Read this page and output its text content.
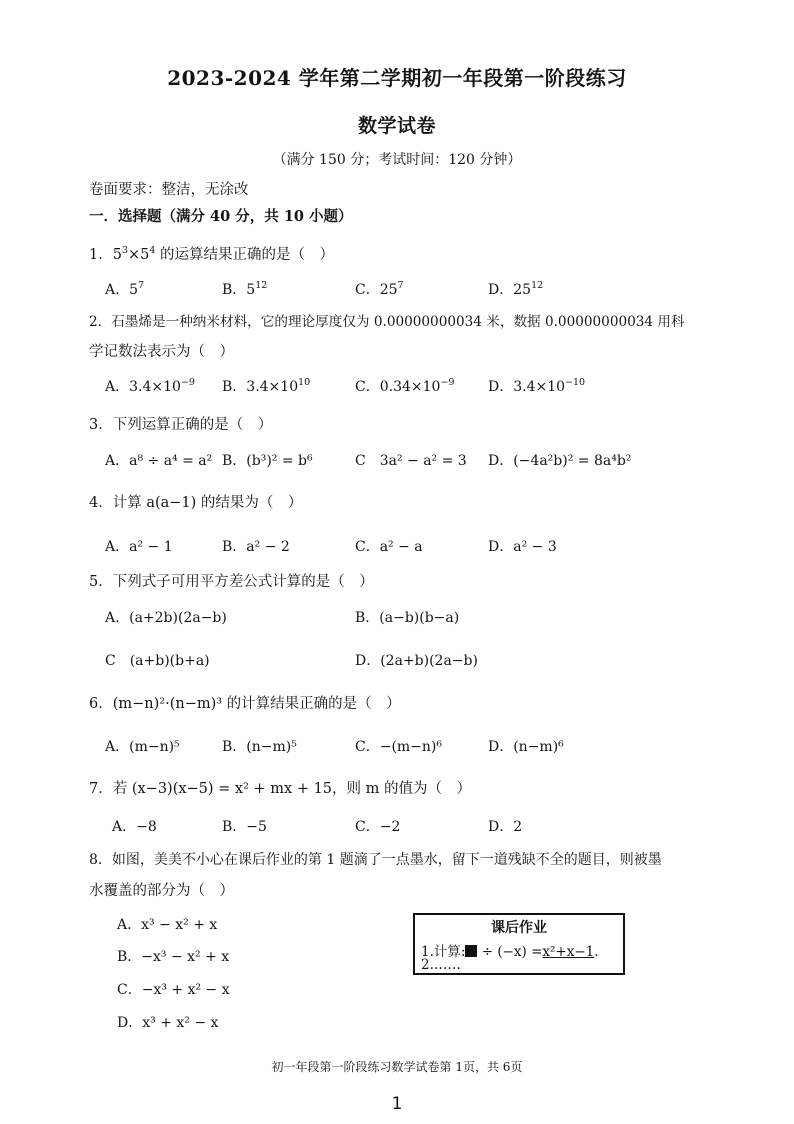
2023-2024 学年第二学期初一年段第一阶段练习
数学试卷
（满分 150 分；考试时间：120 分钟）
卷面要求：整洁，无涂改
一．选择题（满分 40 分，共 10 小题）
1．$5^3\times 5^4$ 的运算结果正确的是（　）
A．$5^7$	B．$5^{12}$	C．$25^7$	D．$25^{12}$
2．石墨烯是一种纳米材料，它的理论厚度仅为 0.00000000034 米，数据 0.00000000034 用科
学记数法表示为（　）
A．$3.4\times 10^{-9}$ B．$3.4\times 10^{10}$	C．$0.34\times 10^{-9}$ D．$3.4\times 10^{-10}$
3．下列运算正确的是（　）
A．a⁸ ÷ a⁴ = a² B．(b³)² = b⁶	C　3a² − a² = 3 D．(−4a²b)² = 8a⁴b²
4．计算 a(a−1) 的结果为（　）
A．a² − 1	B．a² − 2	C．a² − a	D．a² − 3
5．下列式子可用平方差公式计算的是（　）
A．(a+2b)(2a−b)	B．(a−b)(b−a)
C　(a+b)(b+a)	D．(2a+b)(2a−b)
6．(m−n)²·(n−m)³ 的计算结果正确的是（　）
A．(m−n)⁵	B．(n−m)⁵	C．−(m−n)⁶	D．(n−m)⁶
7．若 (x−3)(x−5) = x² + mx + 15，则 m 的值为（　）
A．−8	B．−5	C．−2	D．2
8．如图，美美不小心在课后作业的第 1 题滴了一点墨水，留下一道残缺不全的题目，则被墨
水覆盖的部分为（　）
A．x³ − x² + x
B．−x³ − x² + x
C．−x³ + x² − x
D．x³ + x² − x
课后作业
1.计算: ÷ (−x) =x²+x−1.
2.……
初一年段第一阶段练习数学试卷第 1页，共 6页
1
